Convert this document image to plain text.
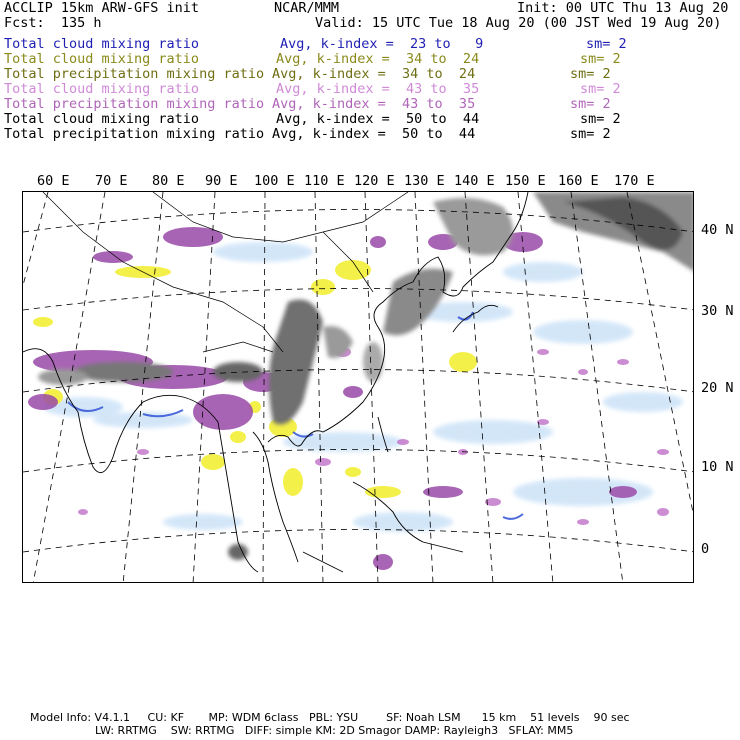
ACCLIP 15km ARW-GFS init	NCAR/MMM	Init: 00 UTC Thu 13 Aug 20
Fcst:  135 h	Valid: 15 UTC Tue 18 Aug 20 (00 JST Wed 19 Aug 20)

Total cloud mixing ratio

	Avg, k-index =  23 to   9

	sm= 2

Total cloud mixing ratio

	Avg, k-index =  34 to  24

	sm= 2

Total precipitation mixing ratio

Avg, k-index =  34 to  24

	sm= 2

Total cloud mixing ratio

	Avg, k-index =  43 to  35

	sm= 2

Total precipitation mixing ratio

Avg, k-index =  43 to  35

	sm= 2

Total cloud mixing ratio

	Avg, k-index =  50 to  44

	sm= 2

Total precipitation mixing ratio

Avg, k-index =  50 to  44

	sm= 2

60 E 70 E 80 E 90 E 100 E 110 E 120 E 130 E 140 E 150 E 160 E 170 E
40 N
30 N
20 N
10 N
0
Model Info: V4.1.1     CU: KF       MP: WDM 6class   PBL: YSU        SF: Noah LSM      15 km    51 levels    90 sec
LW: RRTMG    SW: RRTMG   DIFF: simple KM: 2D Smagor DAMP: Rayleigh3   SFLAY: MM5
